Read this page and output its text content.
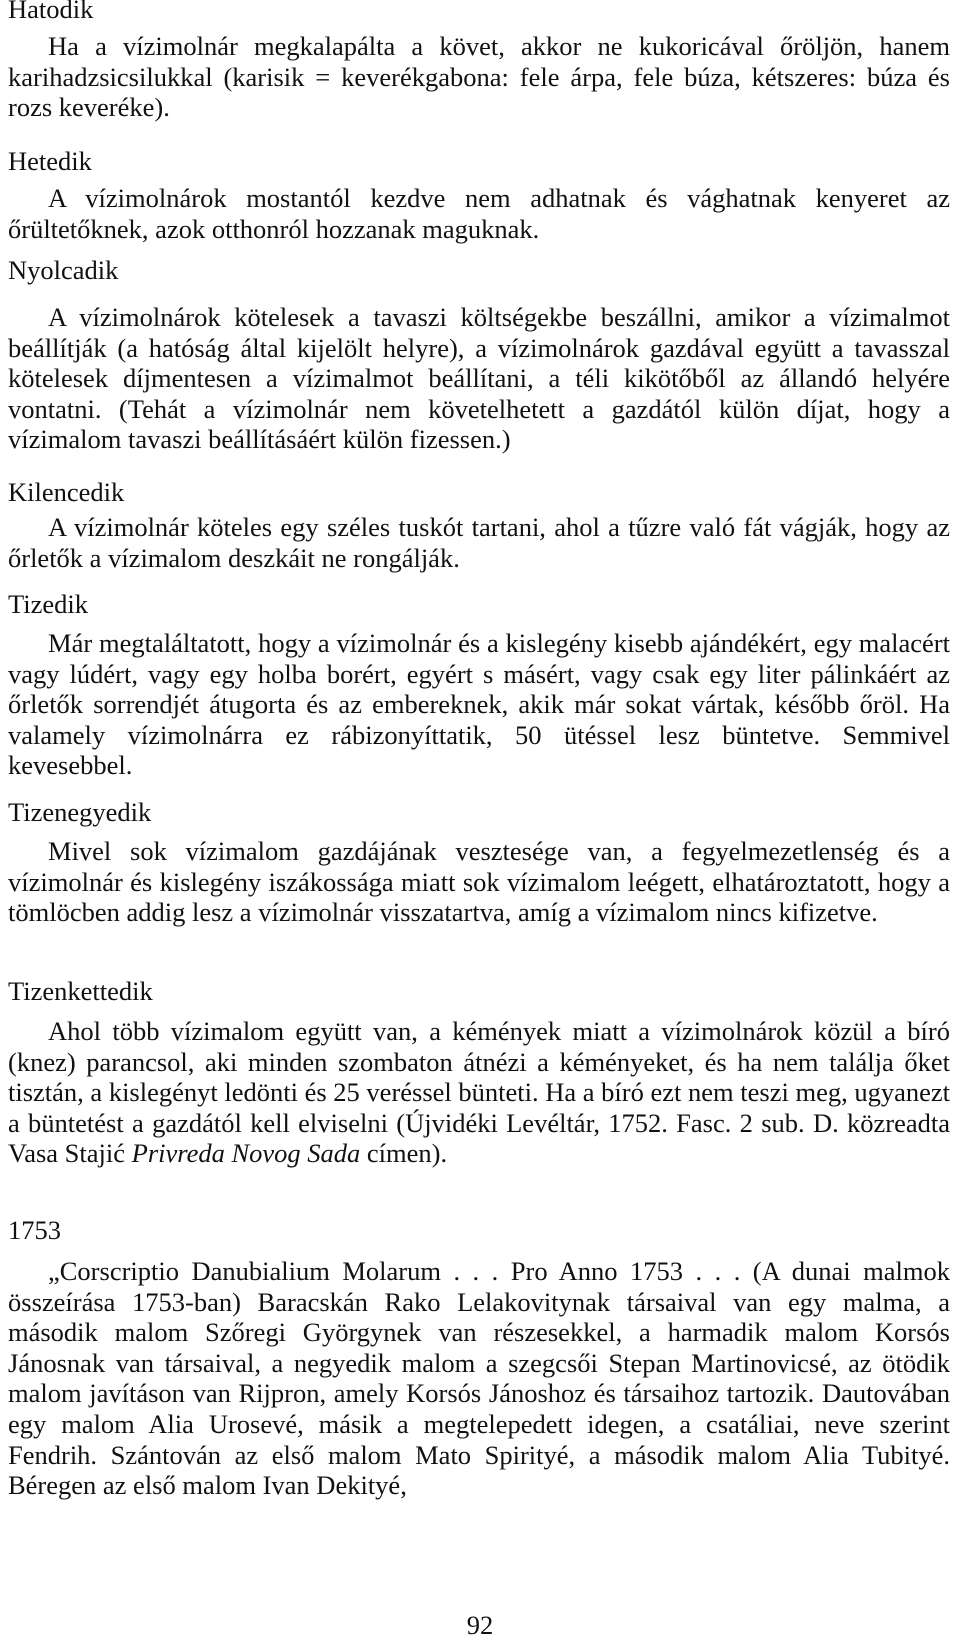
Hatodik

Ha a vízimolnár megkalapálta a követ, akkor ne kukoricával őröljön, hanem karihadzsicsilukkal (karisik = keverékgabona: fele árpa, fele búza, kétszeres: búza és rozs keveréke).

Hetedik

A vízimolnárok mostantól kezdve nem adhatnak és vághatnak kenyeret az őrültetőknek, azok otthonról hozzanak maguknak.

Nyolcadik

A vízimolnárok kötelesek a tavaszi költségekbe beszállni, amikor a vízimalmot beállítják (a hatóság által kijelölt helyre), a vízimolnárok gazdával együtt a tavasszal kötelesek díjmentesen a vízimalmot beállítani, a téli kikötőből az állandó helyére vontatni. (Tehát a vízimolnár nem követelhetett a gazdától külön díjat, hogy a vízimalom tavaszi beállításáért külön fizessen.)

Kilencedik

A vízimolnár köteles egy széles tuskót tartani, ahol a tűzre való fát vágják, hogy az őrletők a vízimalom deszkáit ne rongálják.

Tizedik

Már megtaláltatott, hogy a vízimolnár és a kislegény kisebb ajándékért, egy malacért vagy lúdért, vagy egy holba borért, egyért s másért, vagy csak egy liter pálinkáért az őrletők sorrendjét átugorta és az embereknek, akik már sokat vártak, később őröl. Ha valamely vízimolnárra ez rábizonyíttatik, 50 ütéssel lesz büntetve. Semmivel kevesebbel.

Tizenegyedik

Mivel sok vízimalom gazdájának vesztesége van, a fegyelmezetlenség és a vízimolnár és kislegény iszákossága miatt sok vízimalom leégett, elhatároztatott, hogy a tömlöcben addig lesz a vízimolnár visszatartva, amíg a vízimalom nincs kifizetve.

Tizenkettedik

Ahol több vízimalom együtt van, a kémények miatt a vízimolnárok közül a bíró (knez) parancsol, aki minden szombaton átnézi a kéményeket, és ha nem találja őket tisztán, a kislegényt ledönti és 25 veréssel bünteti. Ha a bíró ezt nem teszi meg, ugyanezt a büntetést a gazdától kell elviselni (Újvidéki Levéltár, 1752. Fasc. 2 sub. D. közreadta Vasa Stajić Privreda Novog Sada címen).

1753

„Corscriptio Danubialium Molarum . . . Pro Anno 1753 . . . (A dunai malmok összeírása 1753-ban) Baracskán Rako Lelakovitynak társaival van egy malma, a második malom Szőregi Györgynek van részesekkel, a harmadik malom Korsós Jánosnak van társaival, a negyedik malom a szegcsői Stepan Martinovicsé, az ötödik malom javításon van Rijpron, amely Korsós Jánoshoz és társaihoz tartozik. Dautovában egy malom Alia Urosevé, másik a megtelepedett idegen, a csatáliai, neve szerint Fendrih. Szántován az első malom Mato Spirityé, a második malom Alia Tubityé. Béregen az első malom Ivan Dekityé,

92
